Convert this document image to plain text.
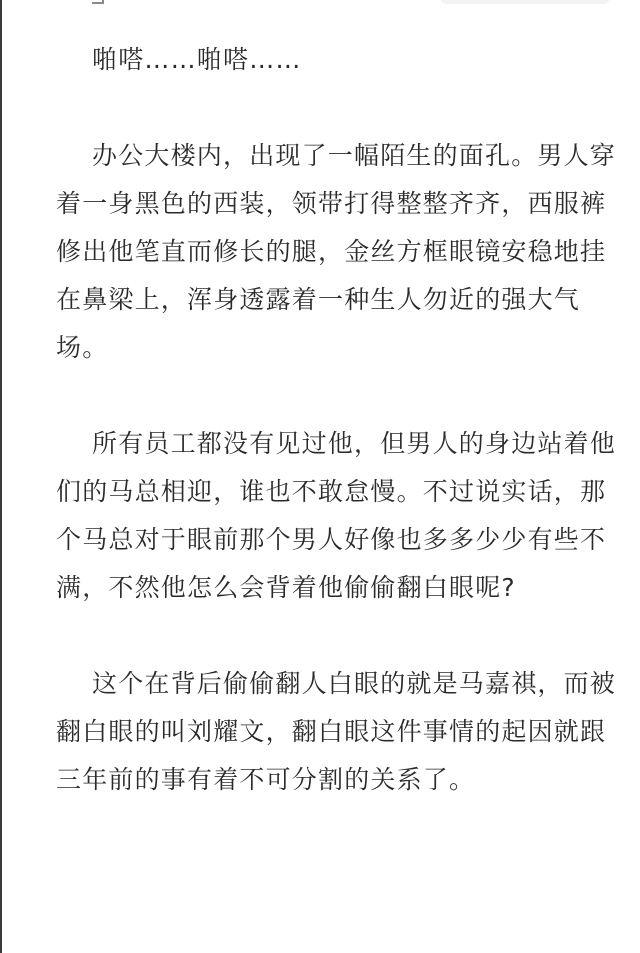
啪嗒……啪嗒……

办公大楼内，出现了一幅陌生的面孔。男人穿着一身黑色的西装，领带打得整整齐齐，西服裤修出他笔直而修长的腿，金丝方框眼镜安稳地挂在鼻梁上，浑身透露着一种生人勿近的强大气场。

所有员工都没有见过他，但男人的身边站着他们的马总相迎，谁也不敢怠慢。不过说实话，那个马总对于眼前那个男人好像也多多少少有些不满，不然他怎么会背着他偷偷翻白眼呢?

这个在背后偷偷翻人白眼的就是马嘉祺，而被翻白眼的叫刘耀文，翻白眼这件事情的起因就跟三年前的事有着不可分割的关系了。
